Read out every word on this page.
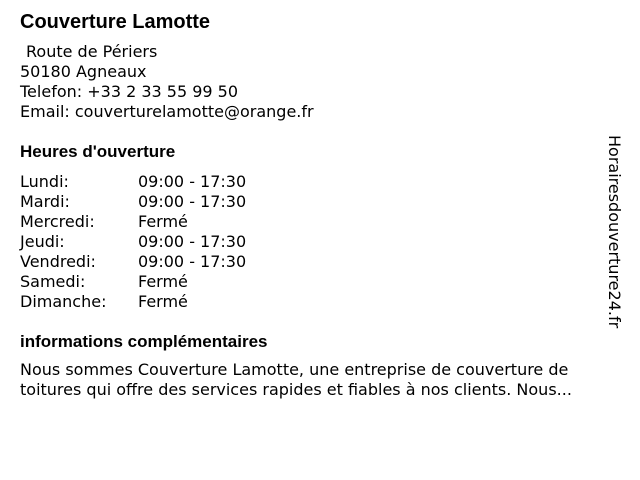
Couverture Lamotte
Route de Périers
50180 Agneaux
Telefon: +33 2 33 55 99 50
Email: couverturelamotte@orange.fr
Heures d'ouverture
Lundi:	09:00 - 17:30
Mardi:	09:00 - 17:30
Mercredi:	Fermé
Jeudi:	09:00 - 17:30
Vendredi:	09:00 - 17:30
Samedi:	Fermé
Dimanche:	Fermé
informations complémentaires

Nous sommes Couverture Lamotte, une entreprise de couverture de toitures qui offre des services rapides et fiables à nos clients. Nous...

Horairesdouverture24.fr
